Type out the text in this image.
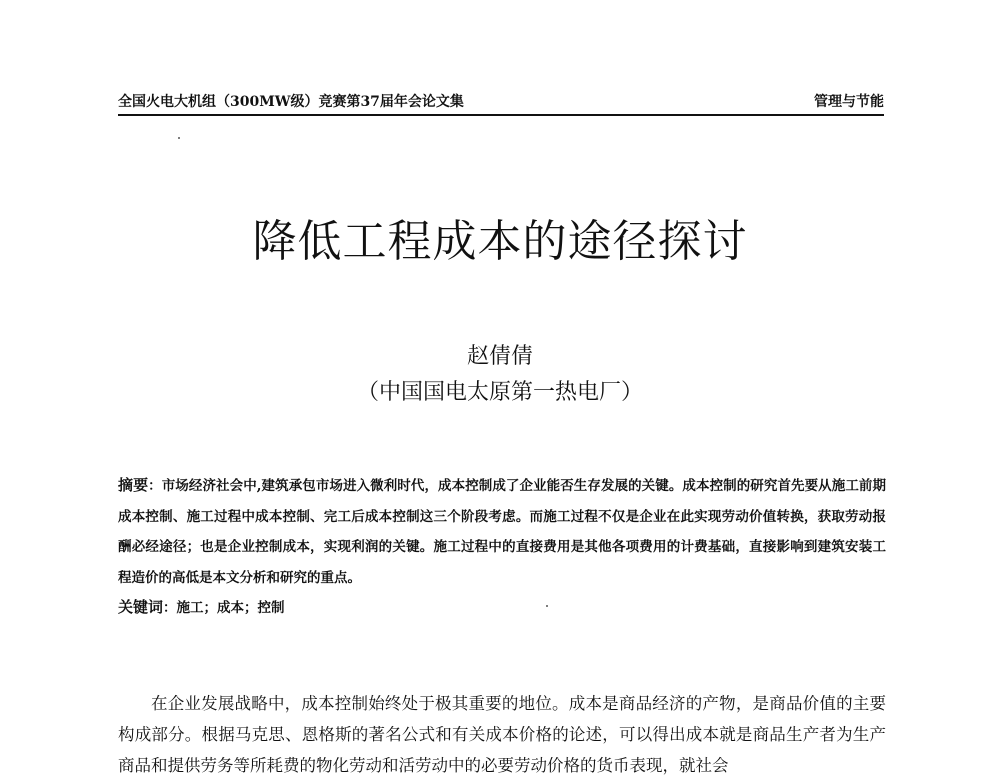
全国火电大机组（300MW级）竞赛第37届年会论文集	管理与节能
降低工程成本的途径探讨
赵倩倩
（中国国电太原第一热电厂）
摘要：市场经济社会中,建筑承包市场进入微利时代，成本控制成了企业能否生存发展的关键。成本控制的研究首先要从施工前期成本控制、施工过程中成本控制、完工后成本控制这三个阶段考虑。而施工过程不仅是企业在此实现劳动价值转换，获取劳动报酬必经途径；也是企业控制成本，实现利润的关键。施工过程中的直接费用是其他各项费用的计费基础，直接影响到建筑安装工程造价的高低是本文分析和研究的重点。
关键词：施工；成本；控制
在企业发展战略中，成本控制始终处于极其重要的地位。成本是商品经济的产物，是商品价值的主要构成部分。根据马克思、恩格斯的著名公式和有关成本价格的论述，可以得出成本就是商品生产者为生产商品和提供劳务等所耗费的物化劳动和活劳动中的必要劳动价格的货币表现，就社会
